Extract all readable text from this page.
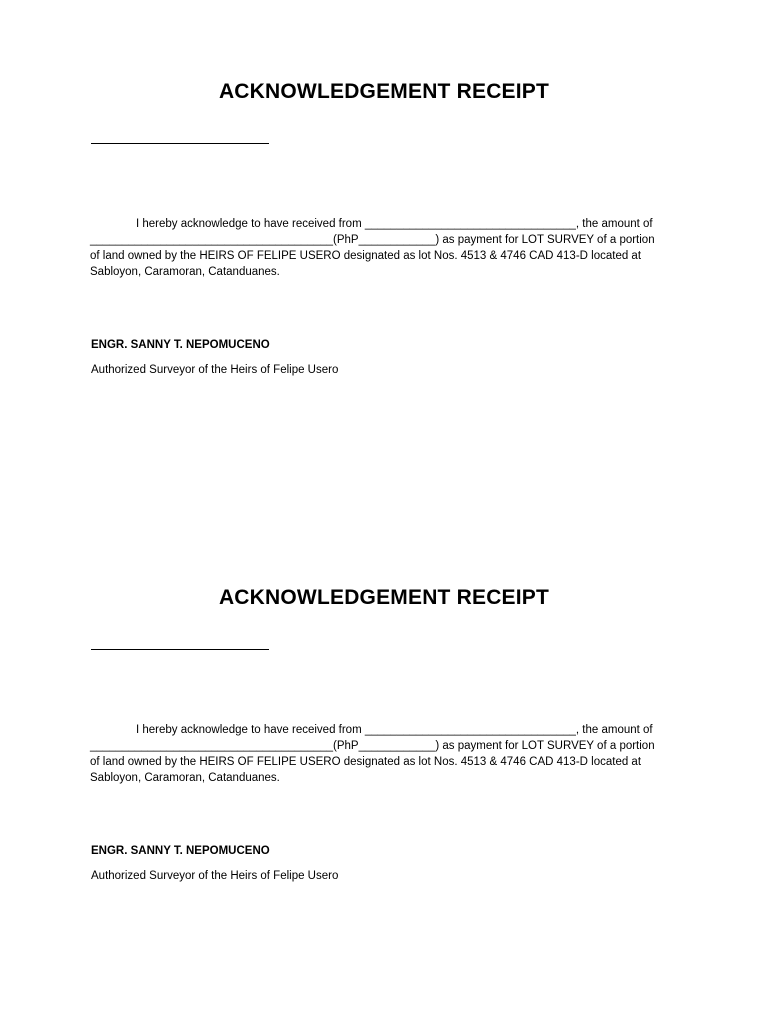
ACKNOWLEDGEMENT RECEIPT

I hereby acknowledge to have received from _________________________________, the amount of
______________________________________(PhP____________) as payment for LOT SURVEY of a portion
of land owned by the HEIRS OF FELIPE USERO designated as lot Nos. 4513 & 4746 CAD 413-D located at
Sabloyon, Caramoran, Catanduanes.

ENGR. SANNY T. NEPOMUCENO

Authorized Surveyor of the Heirs of Felipe Usero

ACKNOWLEDGEMENT RECEIPT

I hereby acknowledge to have received from _________________________________, the amount of
______________________________________(PhP____________) as payment for LOT SURVEY of a portion
of land owned by the HEIRS OF FELIPE USERO designated as lot Nos. 4513 & 4746 CAD 413-D located at
Sabloyon, Caramoran, Catanduanes.

ENGR. SANNY T. NEPOMUCENO

Authorized Surveyor of the Heirs of Felipe Usero
